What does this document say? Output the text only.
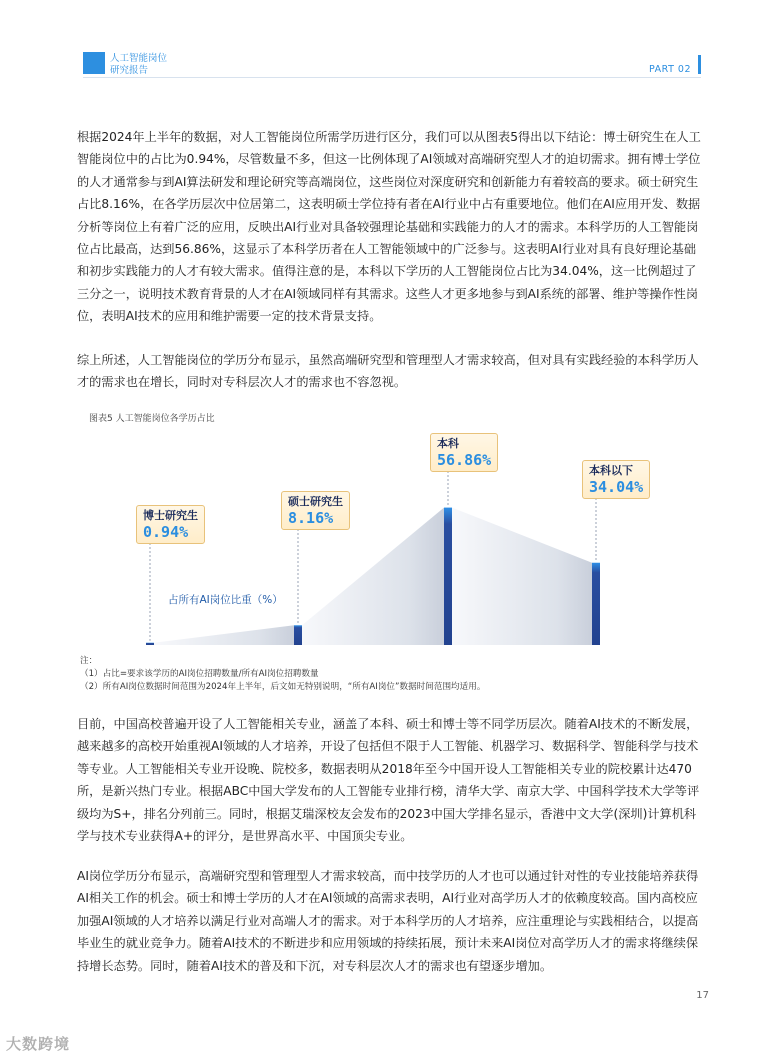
人工智能岗位
研究报告	PART 02

根据2024年上半年的数据，对人工智能岗位所需学历进行区分，我们可以从图表5得出以下结论：博士研究生在人工智能岗位中的占比为0.94%，尽管数量不多，但这一比例体现了AI领域对高端研究型人才的迫切需求。拥有博士学位的人才通常参与到AI算法研发和理论研究等高端岗位，这些岗位对深度研究和创新能力有着较高的要求。硕士研究生占比8.16%，在各学历层次中位居第二，这表明硕士学位持有者在AI行业中占有重要地位。他们在AI应用开发、数据分析等岗位上有着广泛的应用，反映出AI行业对具备较强理论基础和实践能力的人才的需求。本科学历的人工智能岗位占比最高，达到56.86%，这显示了本科学历者在人工智能领域中的广泛参与。这表明AI行业对具有良好理论基础和初步实践能力的人才有较大需求。值得注意的是，本科以下学历的人工智能岗位占比为34.04%，这一比例超过了三分之一，说明技术教育背景的人才在AI领域同样有其需求。这些人才更多地参与到AI系统的部署、维护等操作性岗位，表明AI技术的应用和维护需要一定的技术背景支持。

综上所述，人工智能岗位的学历分布显示，虽然高端研究型和管理型人才需求较高，但对具有实践经验的本科学历人才的需求也在增长，同时对专科层次人才的需求也不容忽视。

图表5 人工智能岗位各学历占比
博士研究生
0.94%
硕士研究生
8.16%
本科
56.86%
本科以下
34.04%
占所有AI岗位比重（%）
注：
（1）占比=要求该学历的AI岗位招聘数量/所有AI岗位招聘数量
（2）所有AI岗位数据时间范围为2024年上半年，后文如无特别说明，“所有AI岗位”数据时间范围均适用。

目前，中国高校普遍开设了人工智能相关专业，涵盖了本科、硕士和博士等不同学历层次。随着AI技术的不断发展，越来越多的高校开始重视AI领域的人才培养，开设了包括但不限于人工智能、机器学习、数据科学、智能科学与技术等专业。人工智能相关专业开设晚、院校多，数据表明从2018年至今中国开设人工智能相关专业的院校累计达470所，是新兴热门专业。根据ABC中国大学发布的人工智能专业排行榜，清华大学、南京大学、中国科学技术大学等评级均为S+，排名分列前三。同时，根据艾瑞深校友会发布的2023中国大学排名显示，香港中文大学(深圳)计算机科学与技术专业获得A+的评分，是世界高水平、中国顶尖专业。

AI岗位学历分布显示，高端研究型和管理型人才需求较高，而中技学历的人才也可以通过针对性的专业技能培养获得AI相关工作的机会。硕士和博士学历的人才在AI领域的高需求表明，AI行业对高学历人才的依赖度较高。国内高校应加强AI领域的人才培养以满足行业对高端人才的需求。对于本科学历的人才培养，应注重理论与实践相结合，以提高毕业生的就业竞争力。随着AI技术的不断进步和应用领域的持续拓展，预计未来AI岗位对高学历人才的需求将继续保持增长态势。同时，随着AI技术的普及和下沉，对专科层次人才的需求也有望逐步增加。

17
大数跨境
